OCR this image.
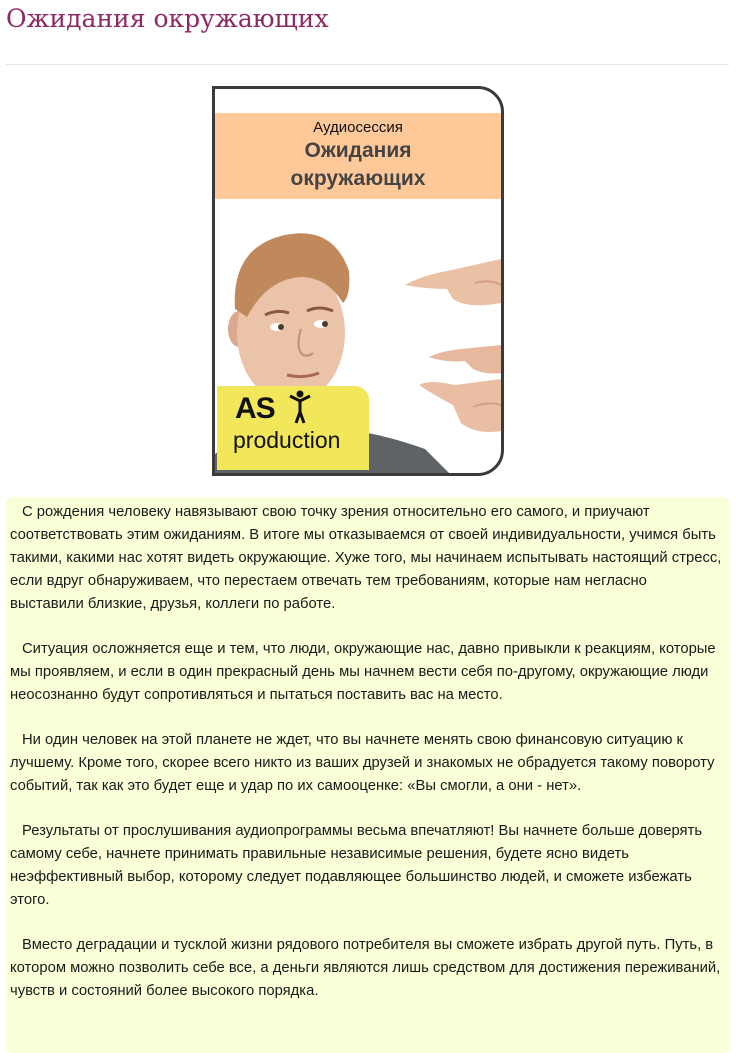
Ожидания окружающих
Аудиосессия
Ожидания
окружающих
AS
production

С рождения человеку навязывают свою точку зрения относительно его самого, и приучают соответствовать этим ожиданиям. В итоге мы отказываемся от своей индивидуальности, учимся быть такими, какими нас хотят видеть окружающие. Хуже того, мы начинаем испытывать настоящий стресс, если вдруг обнаруживаем, что перестаем отвечать тем требованиям, которые нам негласно выставили близкие, друзья, коллеги по работе.

Ситуация осложняется еще и тем, что люди, окружающие нас, давно привыкли к реакциям, которые мы проявляем, и если в один прекрасный день мы начнем вести себя по-другому, окружающие люди неосознанно будут сопротивляться и пытаться поставить вас на место.

Ни один человек на этой планете не ждет, что вы начнете менять свою финансовую ситуацию к лучшему. Кроме того, скорее всего никто из ваших друзей и знакомых не обрадуется такому повороту событий, так как это будет еще и удар по их самооценке: «Вы смогли, а они - нет».

Результаты от прослушивания аудиопрограммы весьма впечатляют! Вы начнете больше доверять самому себе, начнете принимать правильные независимые решения, будете ясно видеть неэффективный выбор, которому следует подавляющее большинство людей, и сможете избежать этого.

Вместо деградации и тусклой жизни рядового потребителя вы сможете избрать другой путь. Путь, в котором можно позволить себе все, а деньги являются лишь средством для достижения переживаний, чувств и состояний более высокого порядка.
